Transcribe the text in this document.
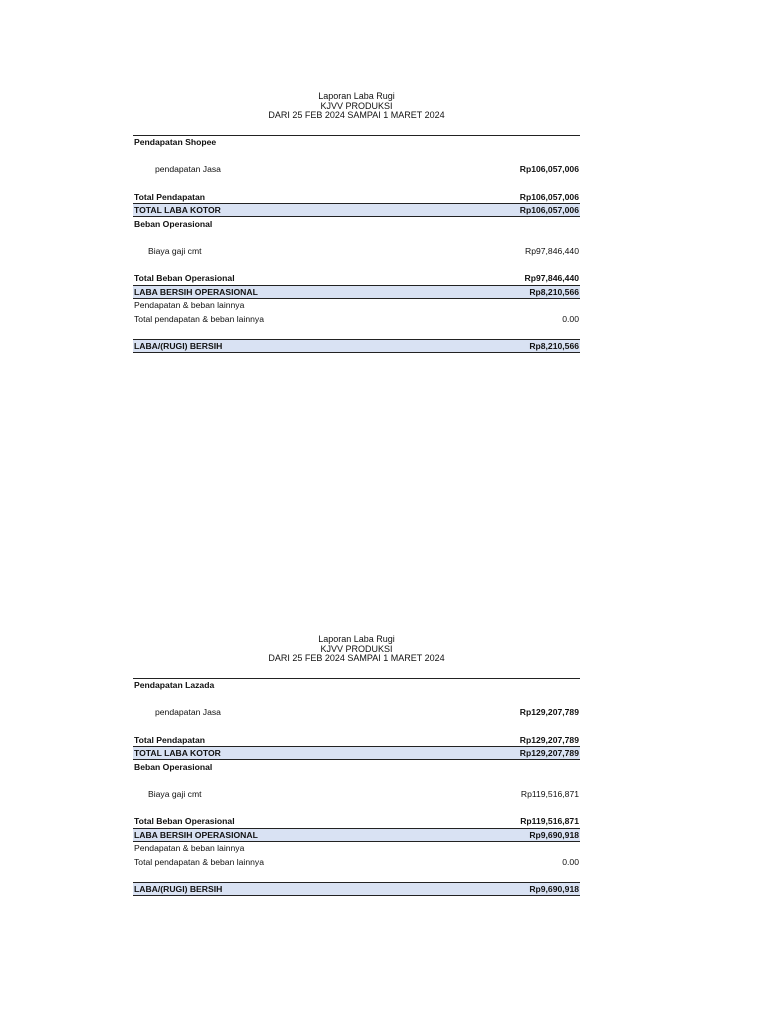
Laporan Laba Rugi
KJVV PRODUKSI
DARI 25 FEB 2024 SAMPAI 1 MARET 2024
Pendapatan Shopee
pendapatan Jasa	Rp106,057,006
Total Pendapatan	Rp106,057,006
TOTAL LABA KOTOR	Rp106,057,006
Beban Operasional
Biaya gaji cmt	Rp97,846,440
Total Beban Operasional	Rp97,846,440
LABA BERSIH OPERASIONAL	Rp8,210,566
Pendapatan & beban lainnya
Total pendapatan & beban lainnya	0.00
LABA/(RUGI) BERSIH	Rp8,210,566
Laporan Laba Rugi
KJVV PRODUKSI
DARI 25 FEB 2024 SAMPAI 1 MARET 2024
Pendapatan Lazada
pendapatan Jasa	Rp129,207,789
Total Pendapatan	Rp129,207,789
TOTAL LABA KOTOR	Rp129,207,789
Beban Operasional
Biaya gaji cmt	Rp119,516,871
Total Beban Operasional	Rp119,516,871
LABA BERSIH OPERASIONAL	Rp9,690,918
Pendapatan & beban lainnya
Total pendapatan & beban lainnya	0.00
LABA/(RUGI) BERSIH	Rp9,690,918
